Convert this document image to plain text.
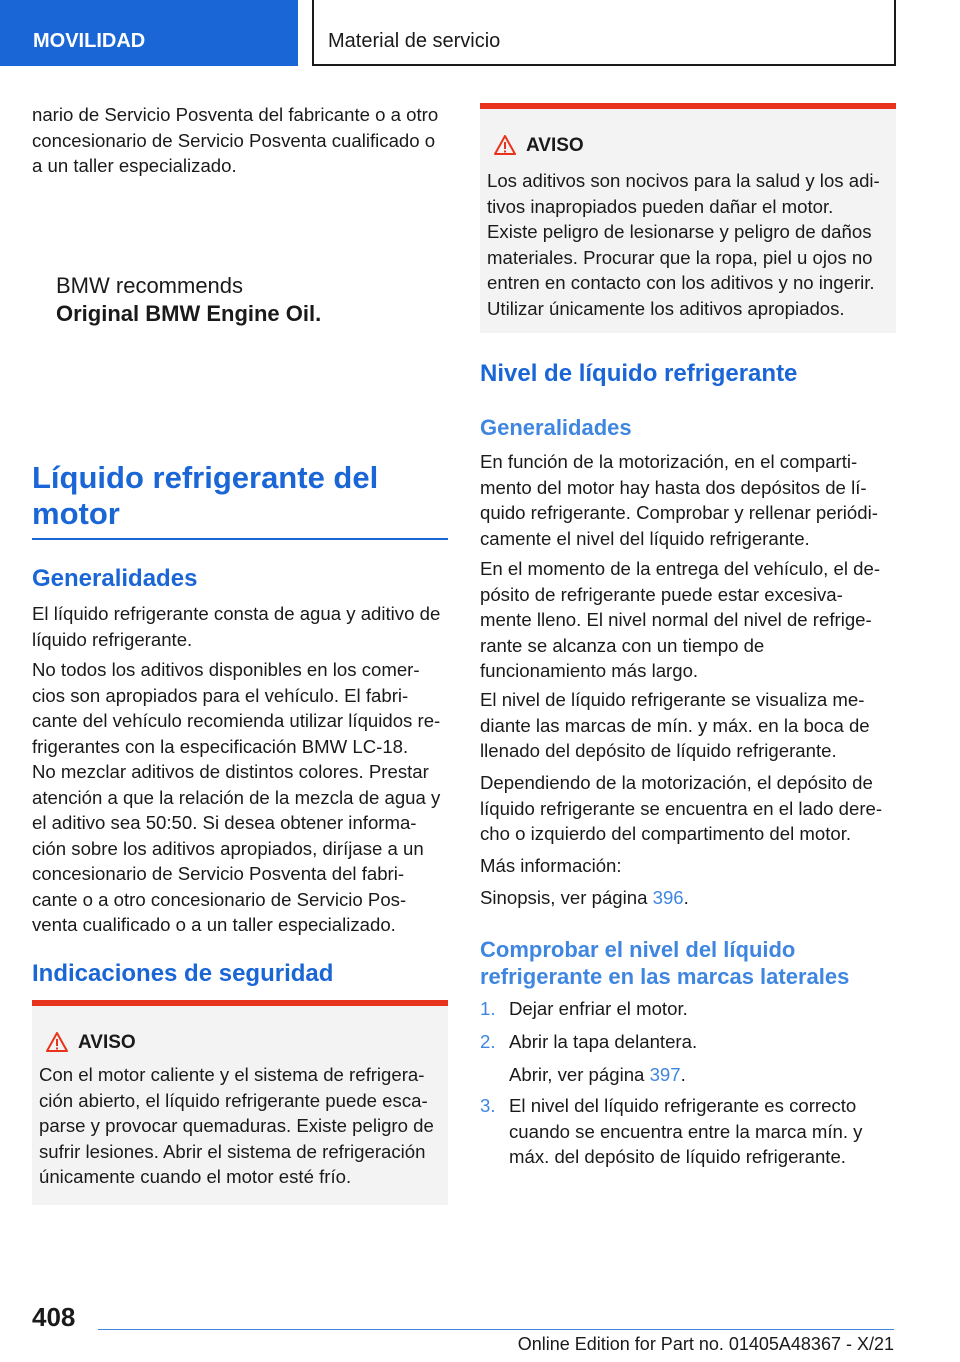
MOVILIDAD	Material de servicio
nario de Servicio Posventa del fabricante o a otro
concesionario de Servicio Posventa cualificado o
a un taller especializado.
BMW recommends
Original BMW Engine Oil.
Líquido refrigerante del
motor
Generalidades
El líquido refrigerante consta de agua y aditivo de
líquido refrigerante.
No todos los aditivos disponibles en los comer-
cios son apropiados para el vehículo. El fabri-
cante del vehículo recomienda utilizar líquidos re-
frigerantes con la especificación BMW LC-18.
No mezclar aditivos de distintos colores. Prestar
atención a que la relación de la mezcla de agua y
el aditivo sea 50:50. Si desea obtener informa-
ción sobre los aditivos apropiados, diríjase a un
concesionario de Servicio Posventa del fabri-
cante o a otro concesionario de Servicio Pos-
venta cualificado o a un taller especializado.
Indicaciones de seguridad
AVISO
Con el motor caliente y el sistema de refrigera-
ción abierto, el líquido refrigerante puede esca-
parse y provocar quemaduras. Existe peligro de
sufrir lesiones. Abrir el sistema de refrigeración
únicamente cuando el motor esté frío.
AVISO
Los aditivos son nocivos para la salud y los adi-
tivos inapropiados pueden dañar el motor.
Existe peligro de lesionarse y peligro de daños
materiales. Procurar que la ropa, piel u ojos no
entren en contacto con los aditivos y no ingerir.
Utilizar únicamente los aditivos apropiados.
Nivel de líquido refrigerante
Generalidades
En función de la motorización, en el comparti-
mento del motor hay hasta dos depósitos de lí-
quido refrigerante. Comprobar y rellenar periódi-
camente el nivel del líquido refrigerante.
En el momento de la entrega del vehículo, el de-
pósito de refrigerante puede estar excesiva-
mente lleno. El nivel normal del nivel de refrige-
rante se alcanza con un tiempo de
funcionamiento más largo.
El nivel de líquido refrigerante se visualiza me-
diante las marcas de mín. y máx. en la boca de
llenado del depósito de líquido refrigerante.
Dependiendo de la motorización, el depósito de
líquido refrigerante se encuentra en el lado dere-
cho o izquierdo del compartimento del motor.
Más información:
Sinopsis, ver página 396.
Comprobar el nivel del líquido
refrigerante en las marcas laterales
1. Dejar enfriar el motor.
2. Abrir la tapa delantera.
Abrir, ver página 397.
3. El nivel del líquido refrigerante es correcto
cuando se encuentra entre la marca mín. y
máx. del depósito de líquido refrigerante.
408
Online Edition for Part no. 01405A48367 - X/21
